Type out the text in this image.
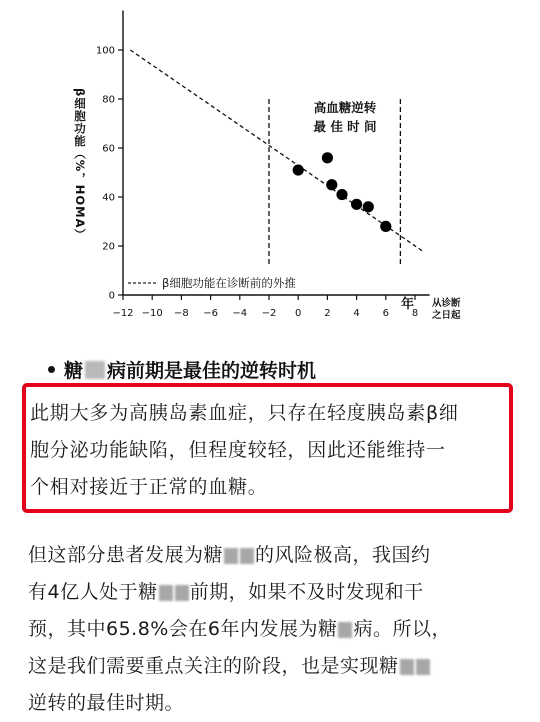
0
20
40
60
80
100
−12 −10 −8 −6 −4 −2 0 2 4 6 8
β细胞功能（%，HOMA）
年 从诊断之日起
高血糖逆转
最 佳 时 间
β细胞功能在诊断前的外推
糖 病前期是最佳的逆转时机
此期大多为高胰岛素血症，只存在轻度胰岛素β细
胞分泌功能缺陷，但程度较轻，因此还能维持一
个相对接近于正常的血糖。
但这部分患者发展为糖 的风险极高，我国约
有4亿人处于糖 前期，如果不及时发现和干
预，其中65.8%会在6年内发展为糖 病。所以，
这是我们需要重点关注的阶段，也是实现糖
逆转的最佳时期。
